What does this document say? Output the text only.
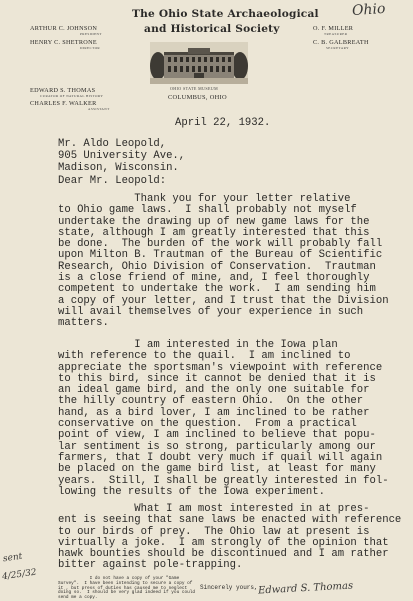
ARTHUR C. JOHNSON
PRESIDENT
HENRY C. SHETRONE
DIRECTOR
EDWARD S. THOMAS
CURATOR OF NATURAL HISTORY
CHARLES F. WALKER
ASSISTANT
The Ohio State Archaeological
and Historical Society
OHIO STATE MUSEUM
COLUMBUS, OHIO
O. F. MILLER
TREASURER
C. B. GALBREATH
SECRETARY
Ohio
April 22, 1932.
Mr. Aldo Leopold,
905 University Ave.,
Madison, Wisconsin.
Dear Mr. Leopold:
Thank you for your letter relative
to Ohio game laws.  I shall probably not myself
undertake the drawing up of new game laws for the
state, although I am greatly interested that this
be done.  The burden of the work will probably fall
upon Milton B. Trautman of the Bureau of Scientific
Research, Ohio Division of Conservation.  Trautman
is a close friend of mine, and, I feel thoroughly
competent to undertake the work.  I am sending him
a copy of your letter, and I trust that the Division
will avail themselves of your experience in such
matters.
I am interested in the Iowa plan
with reference to the quail.  I am inclined to
appreciate the sportsman's viewpoint with reference
to this bird, since it cannot be denied that it is
an ideal game bird, and the only one suitable for
the hilly country of eastern Ohio.  On the other
hand, as a bird lover, I am inclined to be rather
conservative on the question.  From a practical
point of view, I am inclined to believe that popu-
lar sentiment is so strong, particularly among our
farmers, that I doubt very much if quail will again
be placed on the game bird list, at least for many
years.  Still, I shall be greatly interested in fol-
lowing the results of the Iowa experiment.
What I am most interested in at pres-
ent is seeing that sane laws be enacted with reference
to our birds of prey.  The Ohio law at present is
virtually a joke.  I am strongly of the opinion that
hawk bounties should be discontinued and I am rather
bitter against pole-trapping.
I do not have a copy of your "Game
Survey".  I have been intending to secure a copy of
it , but press of duties has caused me to neglect
doing so.  I should be very glad indeed if you could
send me a copy.
Sincerely yours, Edward S. Thomas
sent
4/25/32
